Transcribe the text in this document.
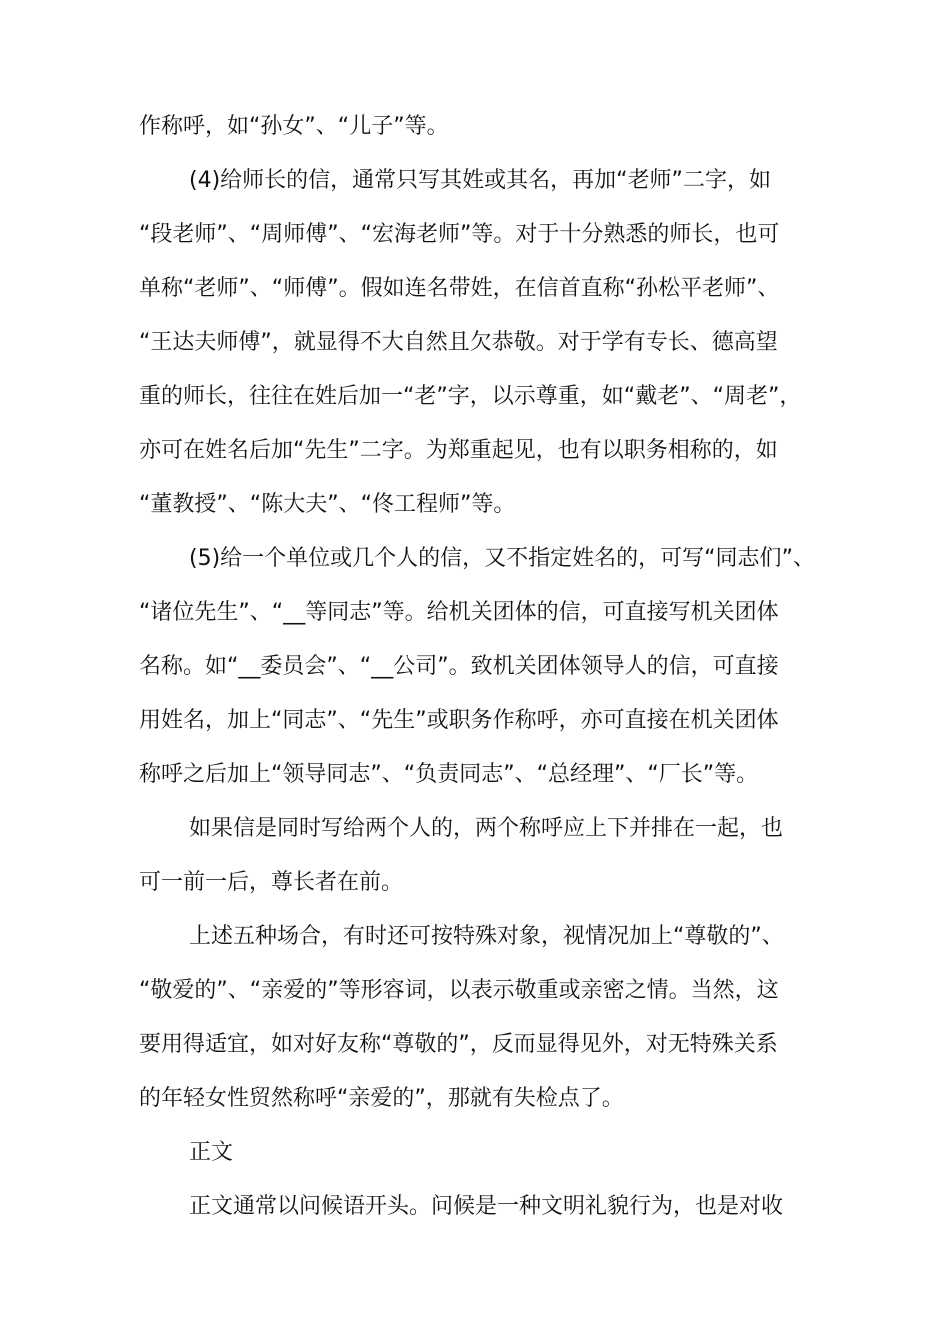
作称呼，如“孙女”、“儿子”等。
(4)给师长的信，通常只写其姓或其名，再加“老师”二字，如
“段老师”、“周师傅”、“宏海老师”等。对于十分熟悉的师长，也可
单称“老师”、“师傅”。假如连名带姓，在信首直称“孙松平老师”、
“王达夫师傅”，就显得不大自然且欠恭敬。对于学有专长、德高望
重的师长，往往在姓后加一“老”字，以示尊重，如“戴老”、“周老”，
亦可在姓名后加“先生”二字。为郑重起见，也有以职务相称的，如
“董教授”、“陈大夫”、“佟工程师”等。
(5)给一个单位或几个人的信，又不指定姓名的，可写“同志们”、
“诸位先生”、“__等同志”等。给机关团体的信，可直接写机关团体
名称。如“__委员会”、“__公司”。致机关团体领导人的信，可直接
用姓名，加上“同志”、“先生”或职务作称呼，亦可直接在机关团体
称呼之后加上“领导同志”、“负责同志”、“总经理”、“厂长”等。
如果信是同时写给两个人的，两个称呼应上下并排在一起，也
可一前一后，尊长者在前。
上述五种场合，有时还可按特殊对象，视情况加上“尊敬的”、
“敬爱的”、“亲爱的”等形容词，以表示敬重或亲密之情。当然，这
要用得适宜，如对好友称“尊敬的”，反而显得见外，对无特殊关系
的年轻女性贸然称呼“亲爱的”，那就有失检点了。
正文
正文通常以问候语开头。问候是一种文明礼貌行为，也是对收
